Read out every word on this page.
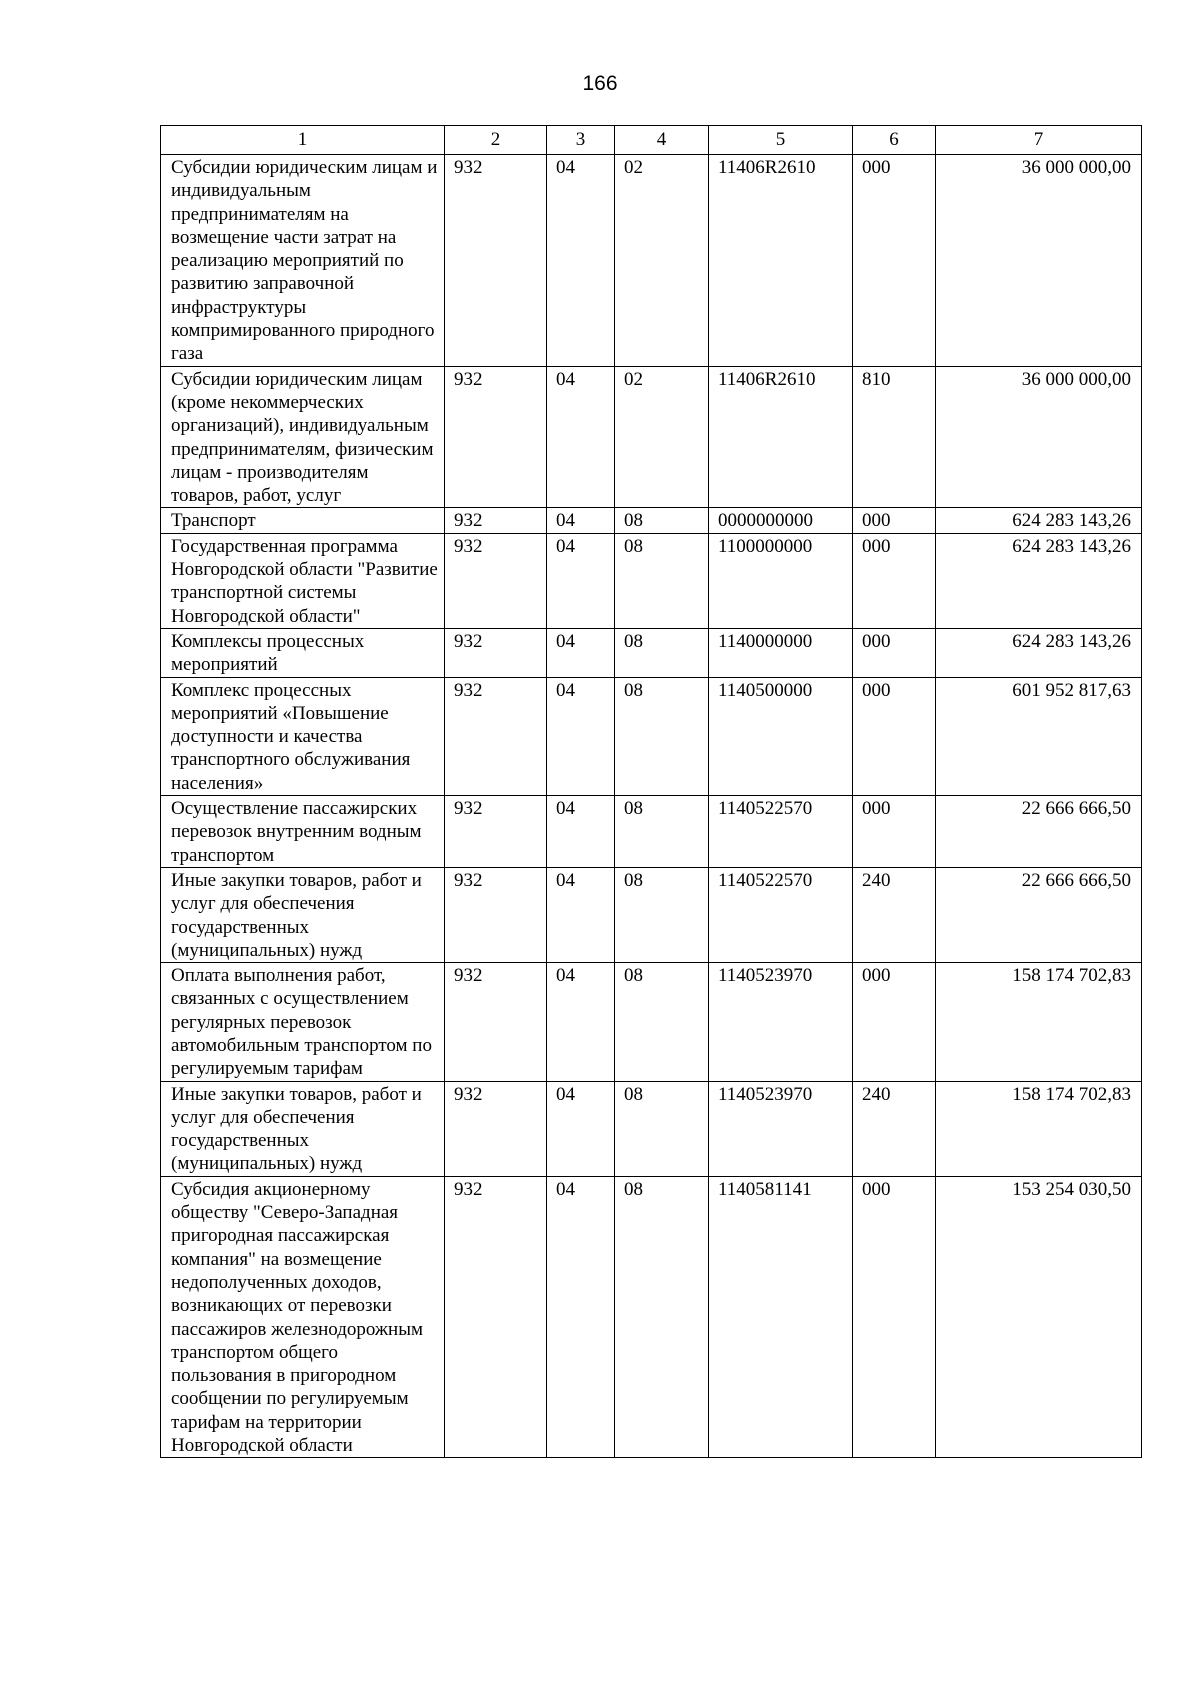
166
1	2	3	4	5	6	7
Субсидии юридическим лицам и индивидуальным предпринимателям на возмещение части затрат на реализацию мероприятий по развитию заправочной инфраструктуры компримированного природного газа	932	04	02	11406R2610	000	36 000 000,00
Субсидии юридическим лицам (кроме некоммерческих организаций), индивидуальным предпринимателям, физическим лицам - производителям товаров, работ, услуг	932	04	02	11406R2610	810	36 000 000,00
Транспорт	932	04	08	0000000000	000	624 283 143,26
Государственная программа Новгородской области "Развитие транспортной системы Новгородской области"	932	04	08	1100000000	000	624 283 143,26
Комплексы процессных мероприятий	932	04	08	1140000000	000	624 283 143,26
Комплекс процессных мероприятий «Повышение доступности и качества транспортного обслуживания населения»	932	04	08	1140500000	000	601 952 817,63
Осуществление пассажирских перевозок внутренним водным транспортом	932	04	08	1140522570	000	22 666 666,50
Иные закупки товаров, работ и услуг для обеспечения государственных (муниципальных) нужд	932	04	08	1140522570	240	22 666 666,50
Оплата выполнения работ, связанных с осуществлением регулярных перевозок автомобильным транспортом по регулируемым тарифам	932	04	08	1140523970	000	158 174 702,83
Иные закупки товаров, работ и услуг для обеспечения государственных (муниципальных) нужд	932	04	08	1140523970	240	158 174 702,83
Субсидия акционерному обществу "Северо-Западная пригородная пассажирская компания" на возмещение недополученных доходов, возникающих от перевозки пассажиров железнодорожным транспортом общего пользования в пригородном сообщении по регулируемым тарифам на территории Новгородской области	932	04	08	1140581141	000	153 254 030,50
